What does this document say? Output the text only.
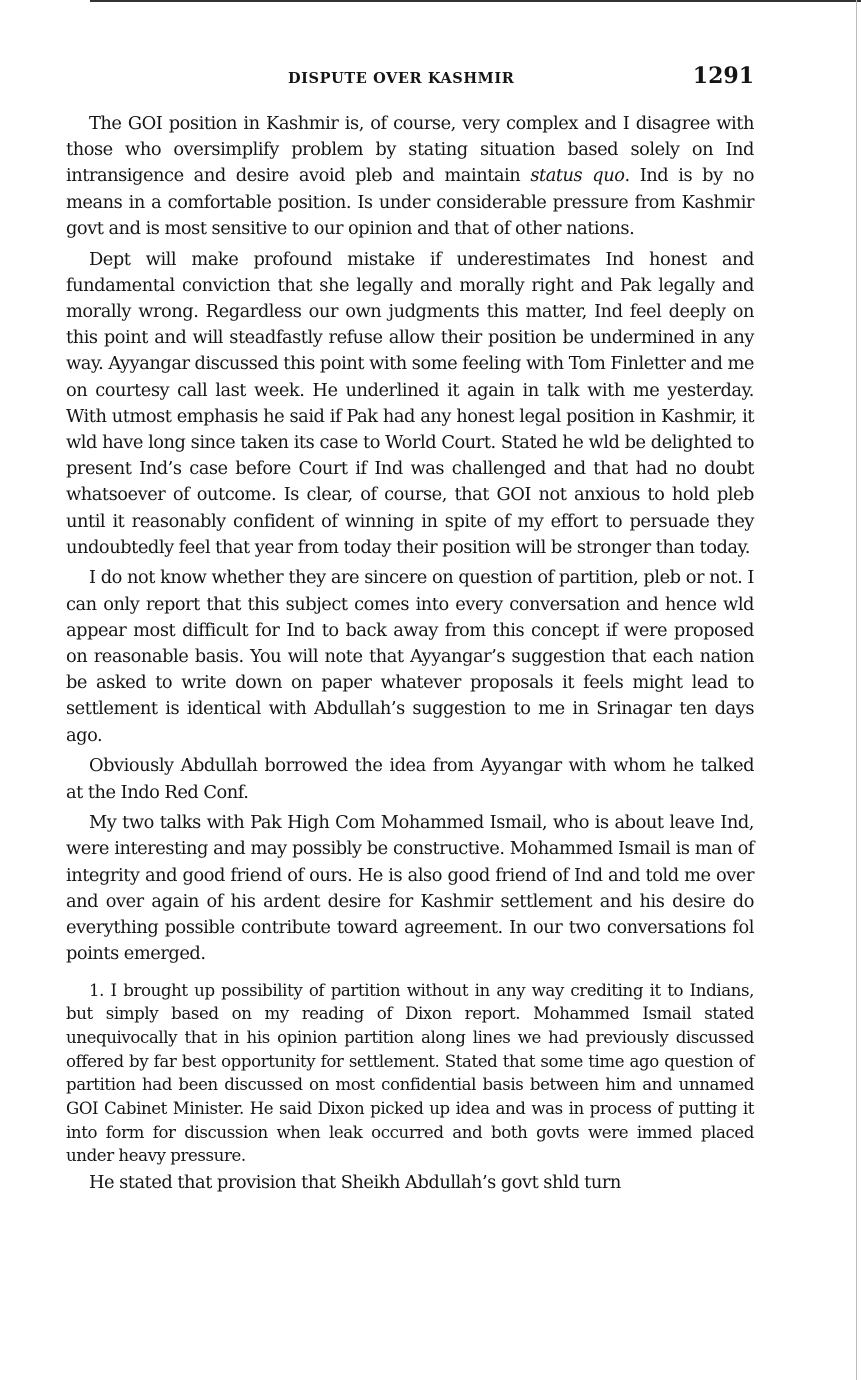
DISPUTE OVER KASHMIR	1291

The GOI position in Kashmir is, of course, very complex and I disagree with those who oversimplify problem by stating situation based solely on Ind intransigence and desire avoid pleb and maintain status quo. Ind is by no means in a comfortable position. Is under considerable pressure from Kashmir govt and is most sensitive to our opinion and that of other nations.

Dept will make profound mistake if underestimates Ind honest and fundamental conviction that she legally and morally right and Pak legally and morally wrong. Regardless our own judgments this matter, Ind feel deeply on this point and will steadfastly refuse allow their position be undermined in any way. Ayyangar discussed this point with some feeling with Tom Finletter and me on courtesy call last week. He underlined it again in talk with me yesterday. With utmost emphasis he said if Pak had any honest legal position in Kashmir, it wld have long since taken its case to World Court. Stated he wld be delighted to present Ind’s case before Court if Ind was challenged and that had no doubt whatsoever of outcome. Is clear, of course, that GOI not anxious to hold pleb until it reasonably confident of winning in spite of my effort to persuade they undoubtedly feel that year from today their position will be stronger than today.

I do not know whether they are sincere on question of partition, pleb or not. I can only report that this subject comes into every conversation and hence wld appear most difficult for Ind to back away from this concept if were proposed on reasonable basis. You will note that Ayyangar’s suggestion that each nation be asked to write down on paper whatever proposals it feels might lead to settlement is identical with Abdullah’s suggestion to me in Srinagar ten days ago.

Obviously Abdullah borrowed the idea from Ayyangar with whom he talked at the Indo Red Conf.

My two talks with Pak High Com Mohammed Ismail, who is about leave Ind, were interesting and may possibly be constructive. Mohammed Ismail is man of integrity and good friend of ours. He is also good friend of Ind and told me over and over again of his ardent desire for Kashmir settlement and his desire do everything possible contribute toward agreement. In our two conversations fol points emerged.

1. I brought up possibility of partition without in any way crediting it to Indians, but simply based on my reading of Dixon report. Mohammed Ismail stated unequivocally that in his opinion partition along lines we had previously discussed offered by far best opportunity for settlement. Stated that some time ago question of partition had been discussed on most confidential basis between him and unnamed GOI Cabinet Minister. He said Dixon picked up idea and was in process of putting it into form for discussion when leak occurred and both govts were immed placed under heavy pressure.

He stated that provision that Sheikh Abdullah’s govt shld turn
